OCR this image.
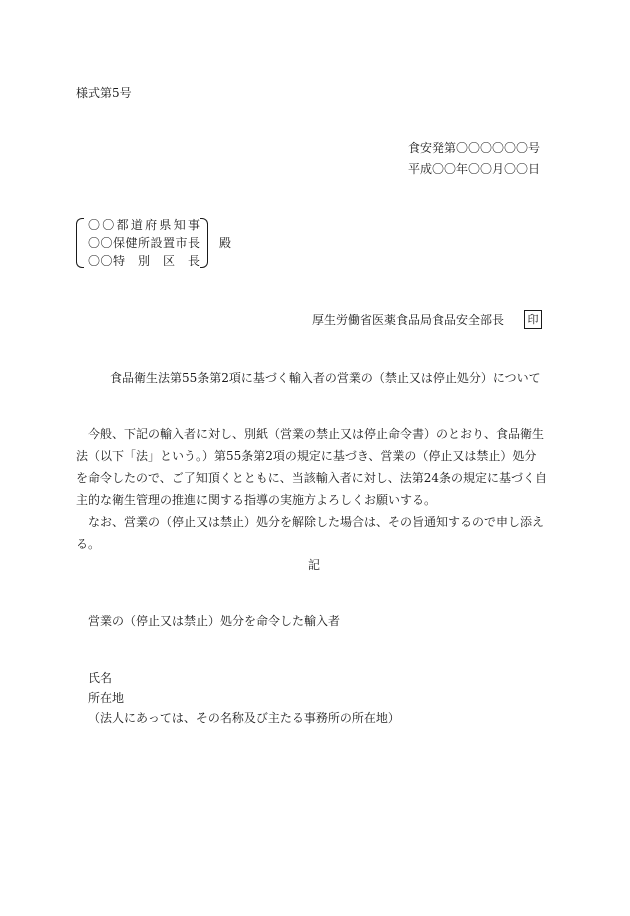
様式第5号
食安発第〇〇〇〇〇〇号
平成〇〇年〇〇月〇〇日
〇〇都道府県知事
〇〇保健所設置市長
〇〇特　別　区　長
殿
厚生労働省医薬食品局食品安全部長	印
食品衛生法第55条第2項に基づく輸入者の営業の（禁止又は停止処分）について

今般、下記の輸入者に対し、別紙（営業の禁止又は停止命令書）のとおり、食品衛生法（以下「法」という。）第55条第2項の規定に基づき、営業の（停止又は禁止）処分を命令したので、ご了知頂くとともに、当該輸入者に対し、法第24条の規定に基づく自主的な衛生管理の推進に関する指導の実施方よろしくお願いする。

なお、営業の（停止又は禁止）処分を解除した場合は、その旨通知するので申し添える。

記
営業の（停止又は禁止）処分を命令した輸入者
氏名
所在地
（法人にあっては、その名称及び主たる事務所の所在地）
